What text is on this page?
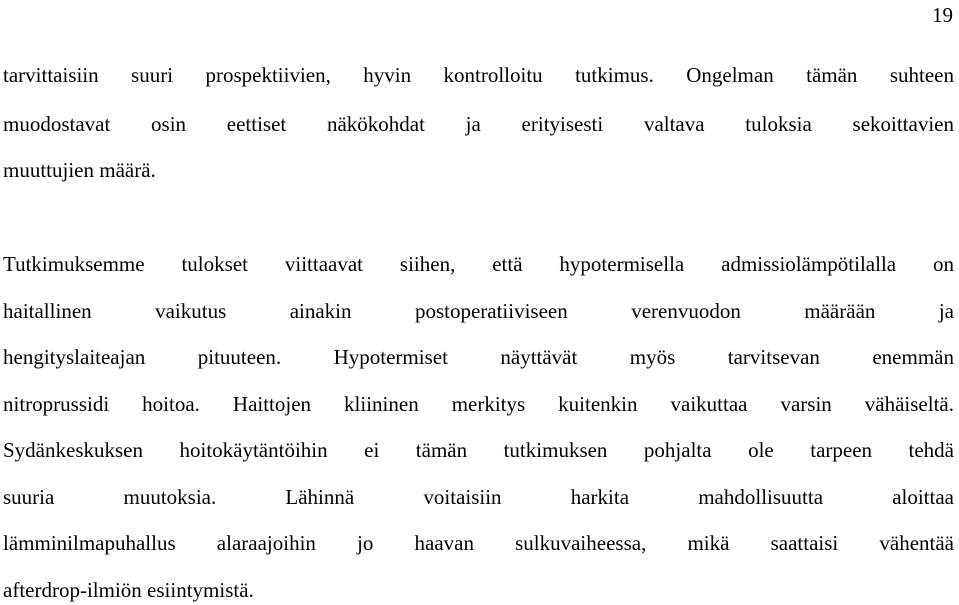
19
tarvittaisiin suuri prospektiivien, hyvin kontrolloitu tutkimus. Ongelman tämän suhteen
muodostavat osin eettiset näkökohdat ja erityisesti valtava tuloksia sekoittavien
muuttujien määrä.
Tutkimuksemme tulokset viittaavat siihen, että hypotermisella admissiolämpötilalla on
haitallinen vaikutus ainakin postoperatiiviseen verenvuodon määrään ja
hengityslaiteajan pituuteen. Hypotermiset näyttävät myös tarvitsevan enemmän
nitroprussidi hoitoa. Haittojen kliininen merkitys kuitenkin vaikuttaa varsin vähäiseltä.
Sydänkeskuksen hoitokäytäntöihin ei tämän tutkimuksen pohjalta ole tarpeen tehdä
suuria muutoksia. Lähinnä voitaisiin harkita mahdollisuutta aloittaa
lämminilmapuhallus alaraajoihin jo haavan sulkuvaiheessa, mikä saattaisi vähentää
afterdrop-ilmiön esiintymistä.
